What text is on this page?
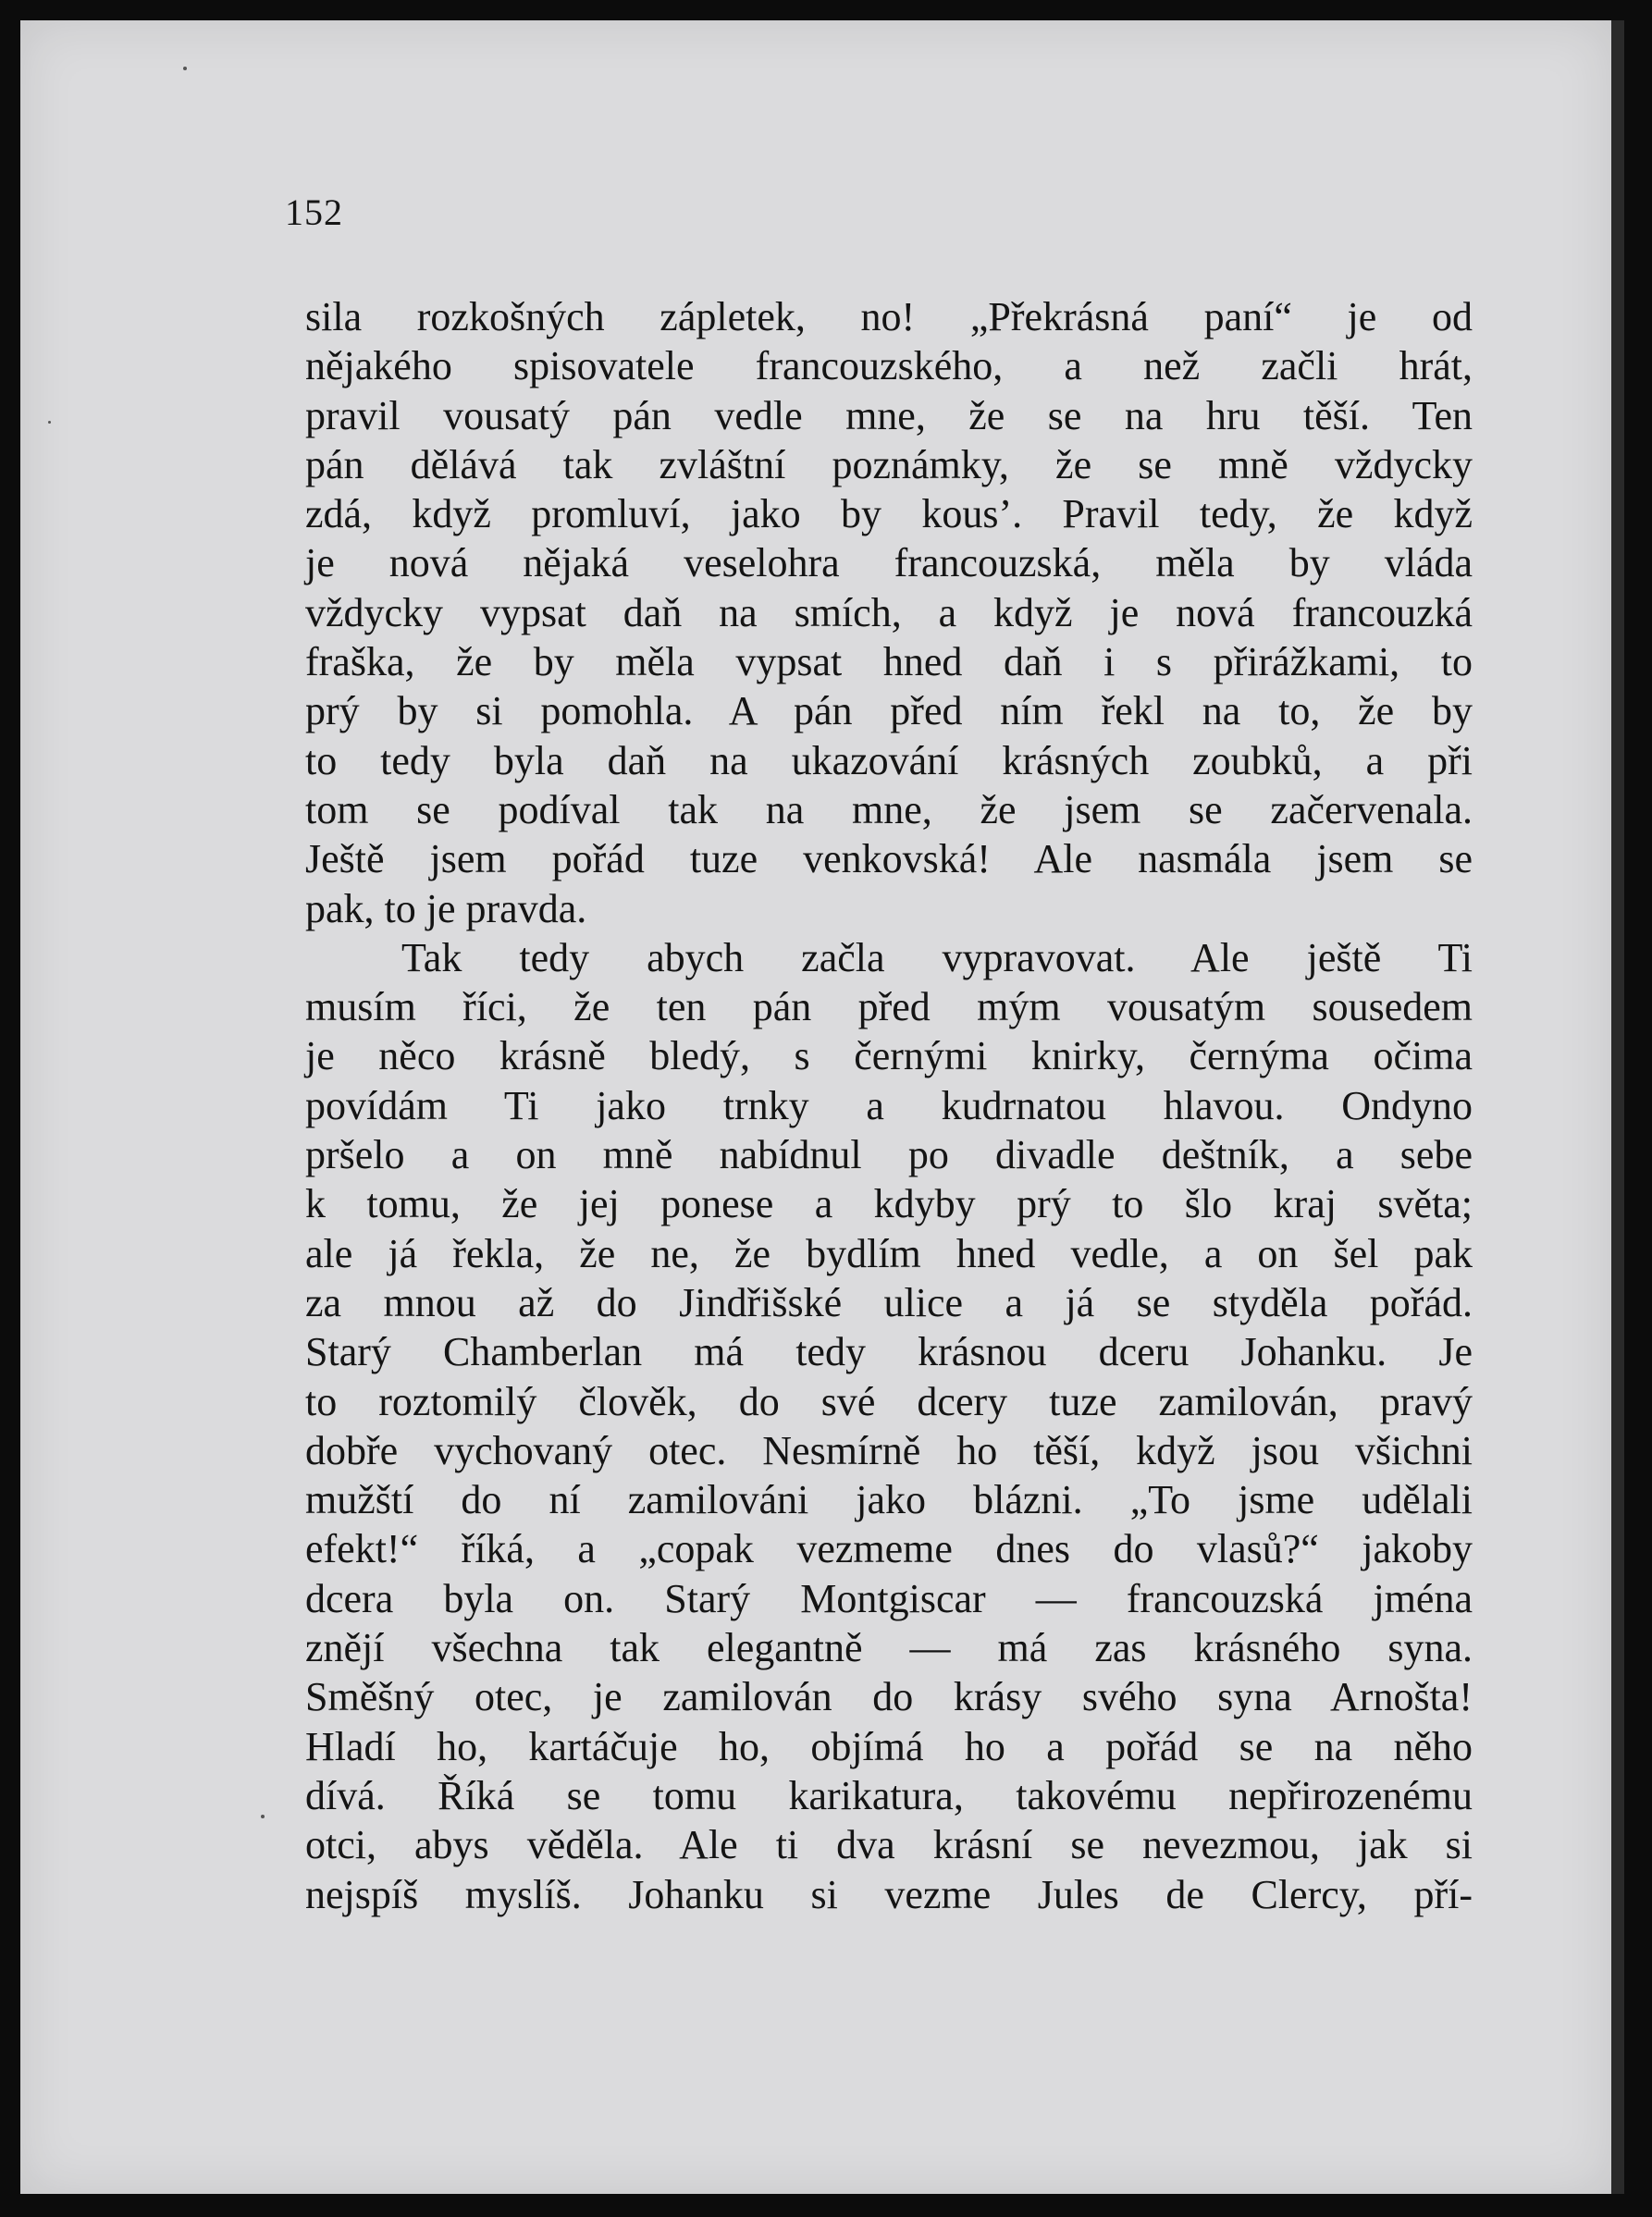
152
sila rozkošných zápletek, no! „Překrásná paní“ je od
nějakého spisovatele francouzského, a než začli hrát,
pravil vousatý pán vedle mne, že se na hru těší. Ten
pán dělává tak zvláštní poznámky, že se mně vždycky
zdá, když promluví, jako by kous’. Pravil tedy, že když
je nová nějaká veselohra francouzská, měla by vláda
vždycky vypsat daň na smích, a když je nová francouzká
fraška, že by měla vypsat hned daň i s přirážkami, to
prý by si pomohla. A pán před ním řekl na to, že by
to tedy byla daň na ukazování krásných zoubků, a při
tom se podíval tak na mne, že jsem se začervenala.
Ještě jsem pořád tuze venkovská! Ale nasmála jsem se
pak, to je pravda.
Tak tedy abych začla vypravovat. Ale ještě Ti
musím říci, že ten pán před mým vousatým sousedem
je něco krásně bledý, s černými knirky, černýma očima
povídám Ti jako trnky a kudrnatou hlavou. Ondyno
pršelo a on mně nabídnul po divadle deštník, a sebe
k tomu, že jej ponese a kdyby prý to šlo kraj světa;
ale já řekla, že ne, že bydlím hned vedle, a on šel pak
za mnou až do Jindřišské ulice a já se styděla pořád.
Starý Chamberlan má tedy krásnou dceru Johanku. Je
to roztomilý člověk, do své dcery tuze zamilován, pravý
dobře vychovaný otec. Nesmírně ho těší, když jsou všichni
mužští do ní zamilováni jako blázni. „To jsme udělali
efekt!“ říká, a „copak vezmeme dnes do vlasů?“ jakoby
dcera byla on. Starý Montgiscar — francouzská jména
znějí všechna tak elegantně — má zas krásného syna.
Směšný otec, je zamilován do krásy svého syna Arnošta!
Hladí ho, kartáčuje ho, objímá ho a pořád se na něho
dívá. Říká se tomu karikatura, takovému nepřirozenému
otci, abys věděla. Ale ti dva krásní se nevezmou, jak si
nejspíš myslíš. Johanku si vezme Jules de Clercy, pří-
